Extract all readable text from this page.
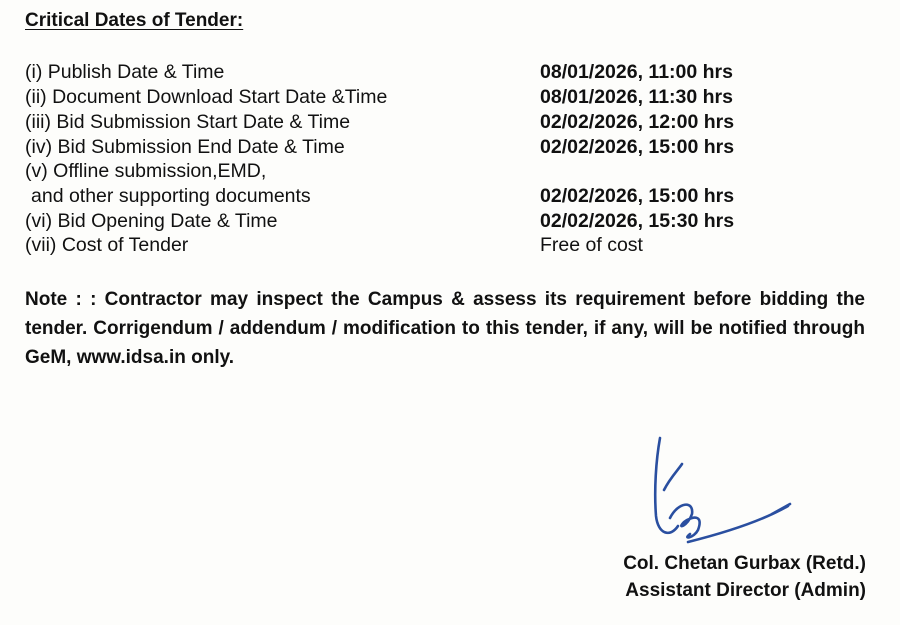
Critical Dates of Tender:
(i) Publish Date & Time	08/01/2026, 11:00 hrs
(ii) Document Download Start Date &Time	08/01/2026, 11:30 hrs
(iii) Bid Submission Start Date & Time	02/02/2026, 12:00 hrs
(iv) Bid Submission End Date & Time	02/02/2026, 15:00 hrs
(v) Offline submission,EMD,
and other supporting documents	02/02/2026, 15:00 hrs
(vi) Bid Opening Date & Time	02/02/2026, 15:30 hrs
(vii) Cost of Tender	Free of cost

Note : : Contractor may inspect the Campus & assess its requirement before bidding the tender. Corrigendum / addendum / modification to this tender, if any, will be notified through GeM, www.idsa.in only.

Col. Chetan Gurbax (Retd.)
Assistant Director (Admin)
